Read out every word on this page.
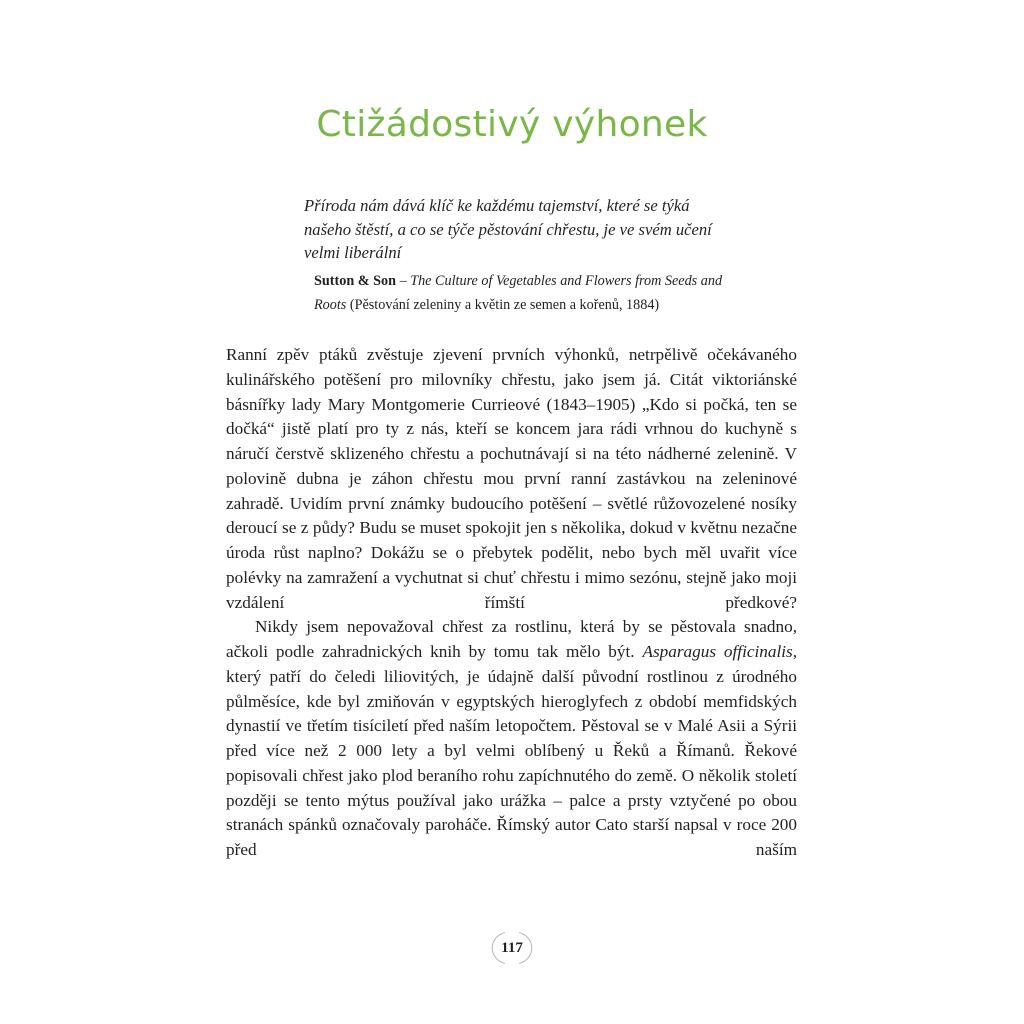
Ctižádostivý výhonek

Příroda nám dává klíč ke každému tajemství, které se týká našeho štěstí, a co se týče pěstování chřestu, je ve svém učení velmi liberální

Sutton & Son – The Culture of Vegetables and Flowers from Seeds and Roots (Pěstování zeleniny a květin ze semen a kořenů, 1884)

Ranní zpěv ptáků zvěstuje zjevení prvních výhonků, netrpělivě očekávaného kulinářského potěšení pro milovníky chřestu, jako jsem já. Citát viktoriánské básnířky lady Mary Montgomerie Currieové (1843–1905) „Kdo si počká, ten se dočká“ jistě platí pro ty z nás, kteří se koncem jara rádi vrhnou do kuchyně s náručí čerstvě sklizeného chřestu a pochutnávají si na této nádherné zelenině. V polovině dubna je záhon chřestu mou první ranní zastávkou na zeleninové zahradě. Uvidím první známky budoucího potěšení – světlé růžovozelené nosíky deroucí se z půdy? Budu se muset spokojit jen s několika, dokud v květnu nezačne úroda růst naplno? Dokážu se o přebytek podělit, nebo bych měl uvařit více polévky na zamražení a vychutnat si chuť chřestu i mimo sezónu, stejně jako moji vzdálení římští předkové?

Nikdy jsem nepovažoval chřest za rostlinu, která by se pěstovala snadno, ačkoli podle zahradnických knih by tomu tak mělo být. Asparagus officinalis, který patří do čeledi liliovitých, je údajně další původní rostlinou z úrodného půlměsíce, kde byl zmiňován v egyptských hieroglyfech z období memfidských dynastií ve třetím tisíciletí před naším letopočtem. Pěstoval se v Malé Asii a Sýrii před více než 2 000 lety a byl velmi oblíbený u Řeků a Římanů. Řekové popisovali chřest jako plod beraního rohu zapíchnutého do země. O několik století později se tento mýtus používal jako urážka – palce a prsty vztyčené po obou stranách spánků označovaly paroháče. Římský autor Cato starší napsal v roce 200 před naším

117
